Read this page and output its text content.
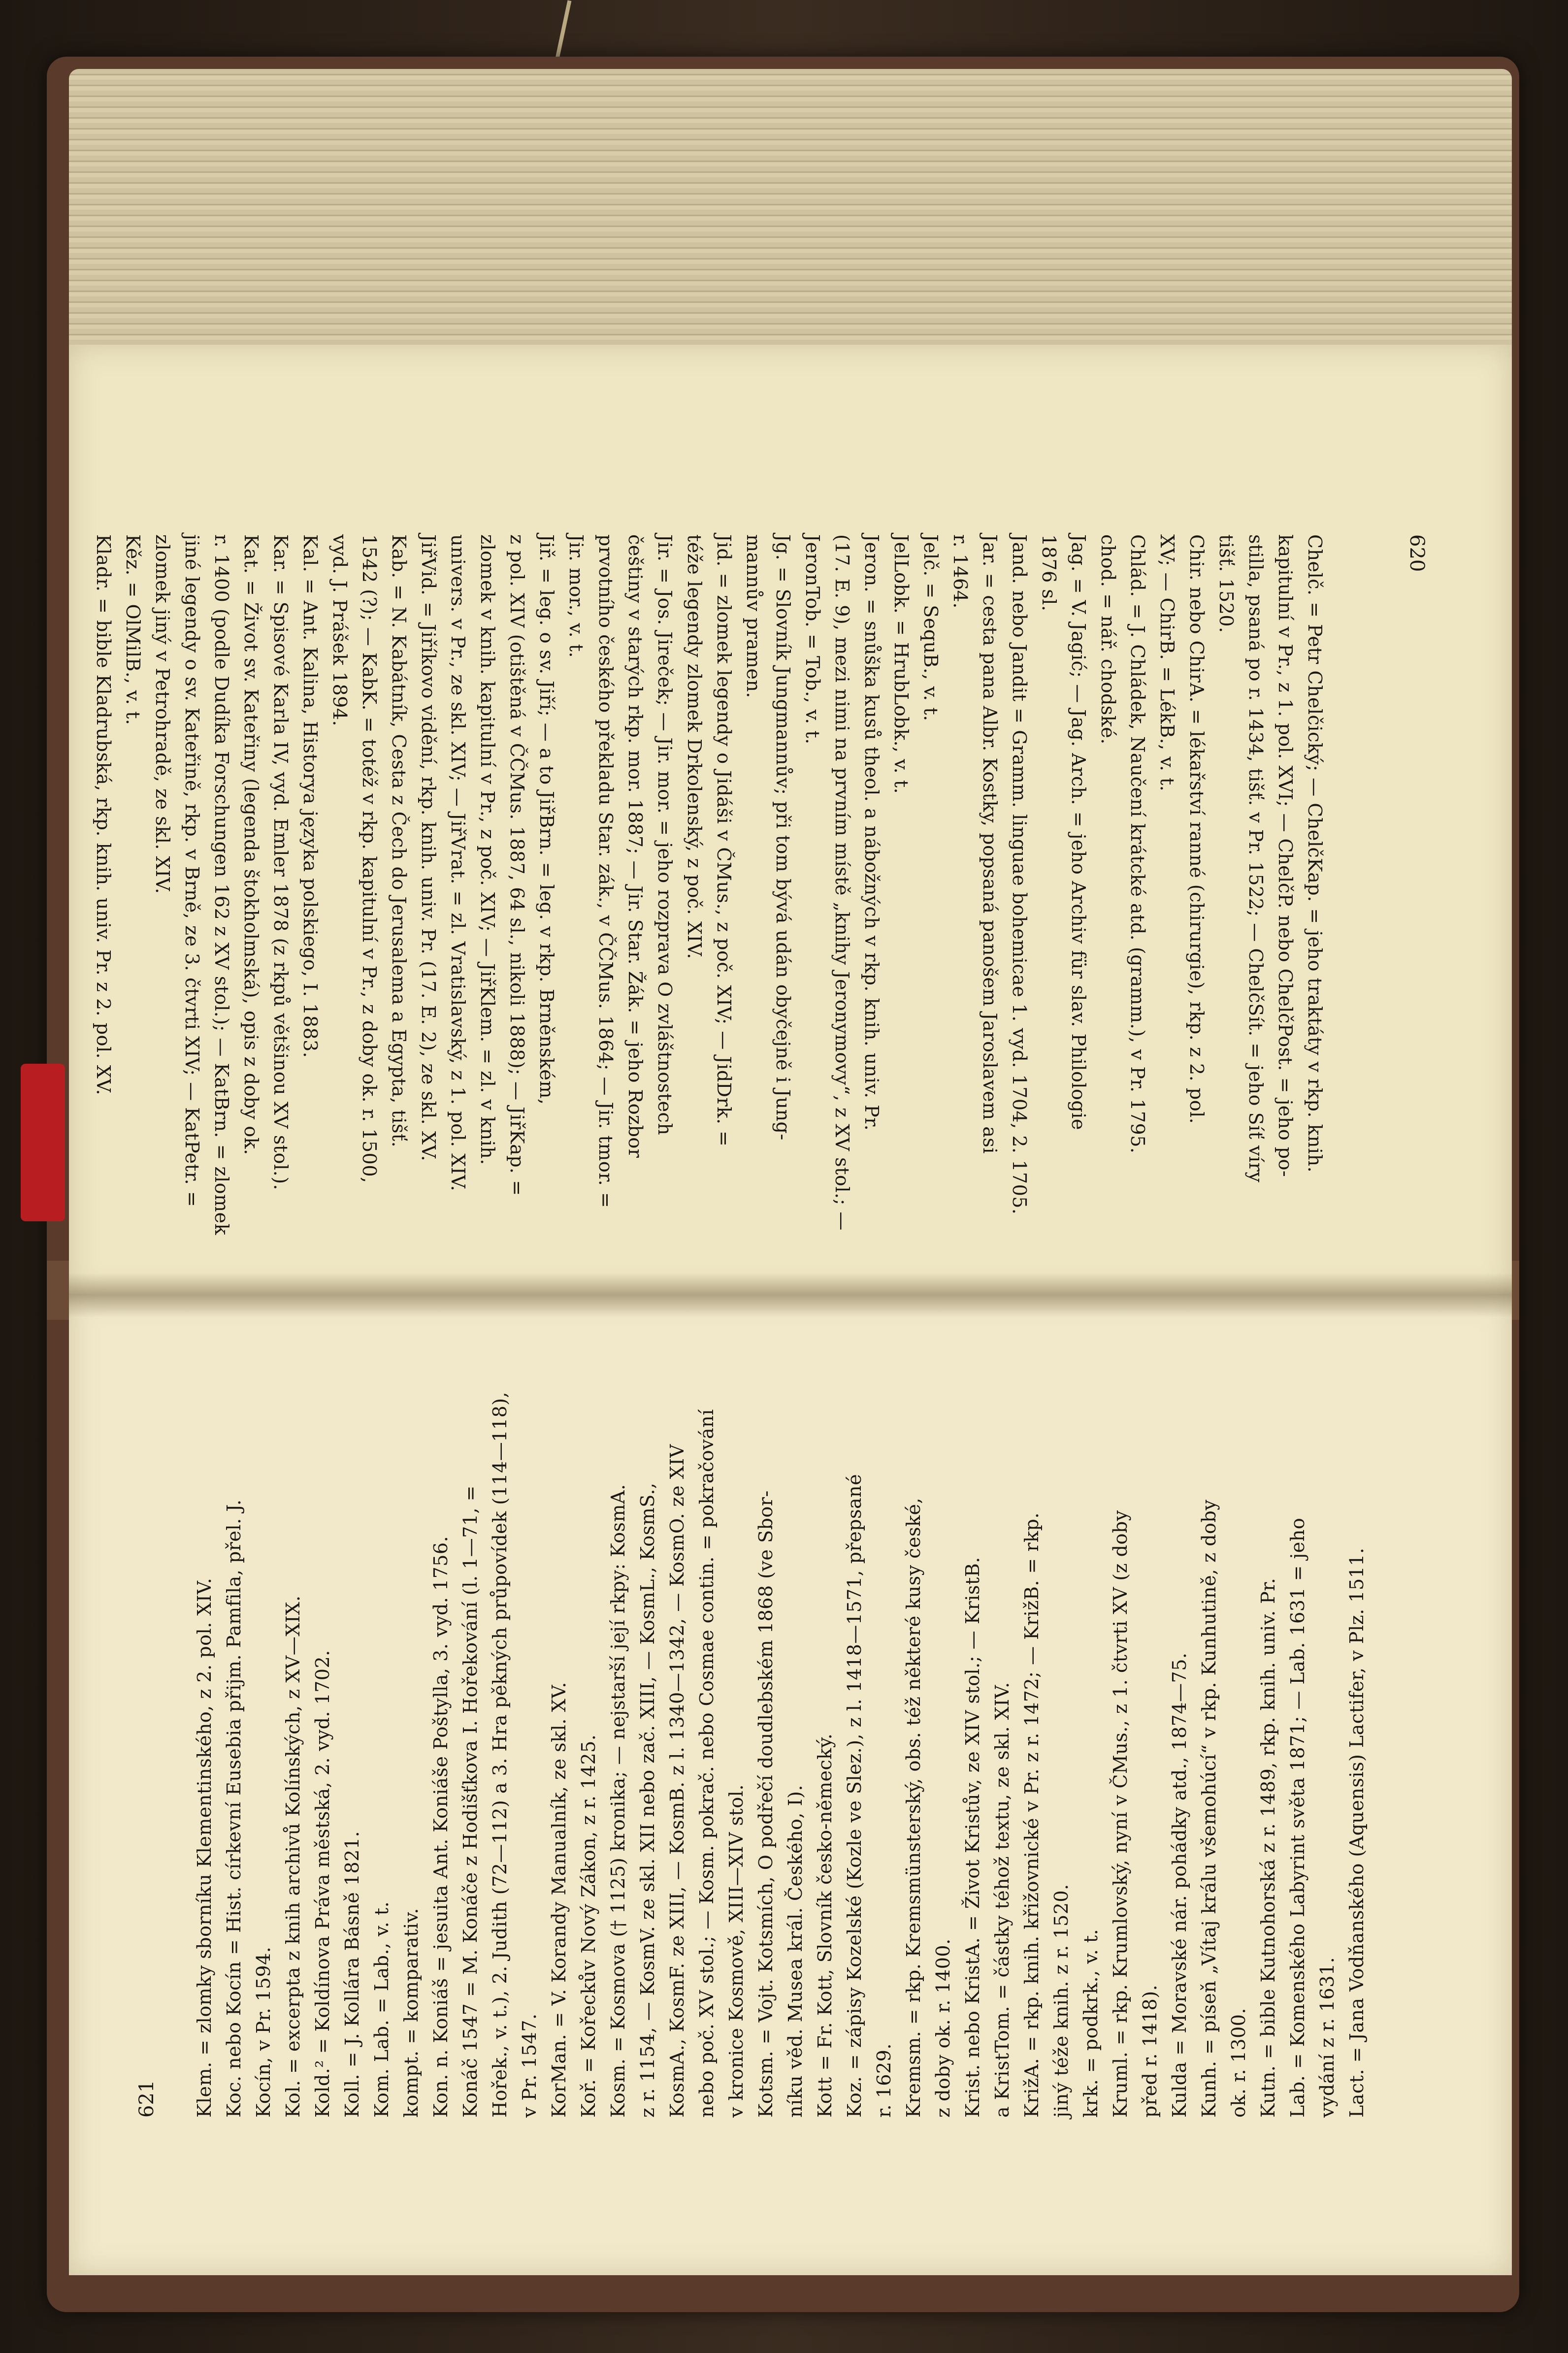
620

Chelč. = Petr Chelčický; — ChelčKap. = jeho traktáty v rkp. knih.

kapitulní v Pr., z 1. pol. XVI; — ChelčP. nebo ChelčPost. = jeho po-

stilla, psaná po r. 1434, tišť. v Pr. 1522; — ChelčSít. = jeho Síť víry

tišť. 1520.

Chir. nebo ChirA. = lékařství ranné (chirurgie), rkp. z 2. pol.

XV; — ChirB. = LékB., v. t.

Chlád. = J. Chládek, Naučení krátcké atd. (gramm.), v Pr. 1795.

chod. = nář. chodské.

Jag. = V. Jagić; — Jag. Arch. = jeho Archiv für slav. Philologie

1876 sl.

Jand. nebo Jandit = Gramm. linguae bohemicae 1. vyd. 1704, 2. 1705.

Jar. = cesta pana Albr. Kostky, popsaná panošem Jaroslavem asi

r. 1464.

Jelč. = SequB., v. t.

JelLobk. = HrubLobk., v. t.

Jeron. = snůška kusů theol. a nábožných v rkp. knih. univ. Pr.

(17. E. 9), mezi nimi na prvním místě „knihy Jeronymovy“, z XV stol.; —

JeronTob. = Tob., v. t.

Jg. = Slovník Jungmannův; při tom bývá udán obyčejně i Jung-

mannův pramen.

Jid. = zlomek legendy o Jidáši v ČMus., z poč. XIV; — JidDrk. =

téže legendy zlomek Drkolenský, z poč. XIV.

Jir. = Jos. Jireček; — Jir. mor. = jeho rozprava O zvláštnostech

češtiny v starých rkp. mor. 1887; — Jir. Star. Žák. = jeho Rozbor

prvotního českého překladu Star. zák., v ČČMus. 1864; — Jir. tmor. =

Jir. mor., v. t.

Jiř. = leg. o sv. Jiří; — a to JiřBrn. = leg. v rkp. Brněnském,

z pol. XIV (otištěná v ČČMus. 1887, 64 sl., nikoli 1888); — JiřKap. =

zlomek v knih. kapitulní v Pr., z poč. XIV; — JiřKlem. = zl. v knih.

univers. v Pr., ze skl. XIV; — JiřVrat. = zl. Vratislavský, z 1. pol. XIV.

JiřVid. = Jiříkovo vidění, rkp. knih. univ. Pr. (17. E. 2), ze skl. XV.

Kab. = N. Kabátník, Cesta z Čech do Jerusalema a Egypta, tišť.

1542 (?); — KabK. = totéž v rkp. kapitulní v Pr., z doby ok. r. 1500,

vyd. J. Prášek 1894.

Kal. = Ant. Kalina, Historya języka polskiego, I. 1883.

Kar. = Spisové Karla IV, vyd. Emler 1878 (z rkpů většinou XV stol.).

Kat. = Život sv. Kateřiny (legenda štokholmská), opis z doby ok.

r. 1400 (podle Dudíka Forschungen 162 z XV stol.); — KatBrn. = zlomek

jiné legendy o sv. Kateřině, rkp. v Brně, ze 3. čtvrti XIV; — KatPetr. =

zlomek jiný v Petrohradě, ze skl. XIV.

Kěz. = OlMilB., v. t.

Kladr. = bible Kladrubská, rkp. knih. univ. Pr. z 2. pol. XV.

621 Klem. = zlomky sborníku Klementinského, z 2. pol. XIV. Koc. nebo Kocín = Hist. církevní Eusebia přijm. Pamfila, přel. J. Kocín, v Pr. 1594. Kol. = excerpta z knih archivů Kolínských, z XV—XIX. Kold.² = Koldínova Práva městská, 2. vyd. 1702. Koll. = J. Kollára Básně 1821. Kom. Lab. = Lab., v. t. kompt. = komparativ. Kon. n. Koniáš = jesuita Ant. Koniáše Poštylla, 3. vyd. 1756. Konáč 1547 = M. Konáče z Hodišťkova I. Hořekování (l. 1—71, = Hořek., v. t.), 2. Judith (72—112) a 3. Hra pěkných průpovídek (114—118), v Pr. 1547. KorMan. = V. Korandy Manualník, ze skl. XV. Koř. = Kořeckův Nový Zákon, z r. 1425. Kosm. = Kosmova († 1125) kronika; — nejstarší její rkpy: KosmA. z r. 1154, — KosmV. ze skl. XII nebo zač. XIII, — KosmL., KosmS., KosmA., KosmF. ze XIII, — KosmB. z l. 1340—1342, — KosmO. ze XIV nebo poč. XV stol.; — Kosm. pokrač. nebo Cosmae contin. = pokračování v kronice Kosmově, XIII—XIV stol. Kotsm. = Vojt. Kotsmích, O podřečí doudlebském 1868 (ve Sbor- níku věd. Musea král. Českého, I). Kott = Fr. Kott, Slovník česko-německý. Koz. = zápisy Kozelské (Kozle ve Slez.), z l. 1418—1571, přepsané r. 1629. Kremsm. = rkp. Kremsmünsterský, obs. též některé kusy české, z doby ok. r. 1400. Krist. nebo KristA. = Život Kristův, ze XIV stol.; — KristB. a KristTom. = částky téhož textu, ze skl. XIV. KrižA. = rkp. knih. křižovnické v Pr. z r. 1472; — KrižB. = rkp. jiný téže knih. z r. 1520. krk. = podkrk., v. t. Kruml. = rkp. Krumlovský, nyní v ČMus., z 1. čtvrti XV (z doby před r. 1418). Kulda = Moravské nár. pohádky atd., 1874—75. Kunh. = píseň „Vítaj králu všemohúcí“ v rkp. Kunhutině, z doby ok. r. 1300. Kutn. = bible Kutnohorská z r. 1489, rkp. knih. univ. Pr. Lab. = Komenského Labyrint světa 1871; — Lab. 1631 = jeho vydání z r. 1631. Lact. = Jana Vodňanského (Aquensis) Lactifer, v Plz. 1511.
